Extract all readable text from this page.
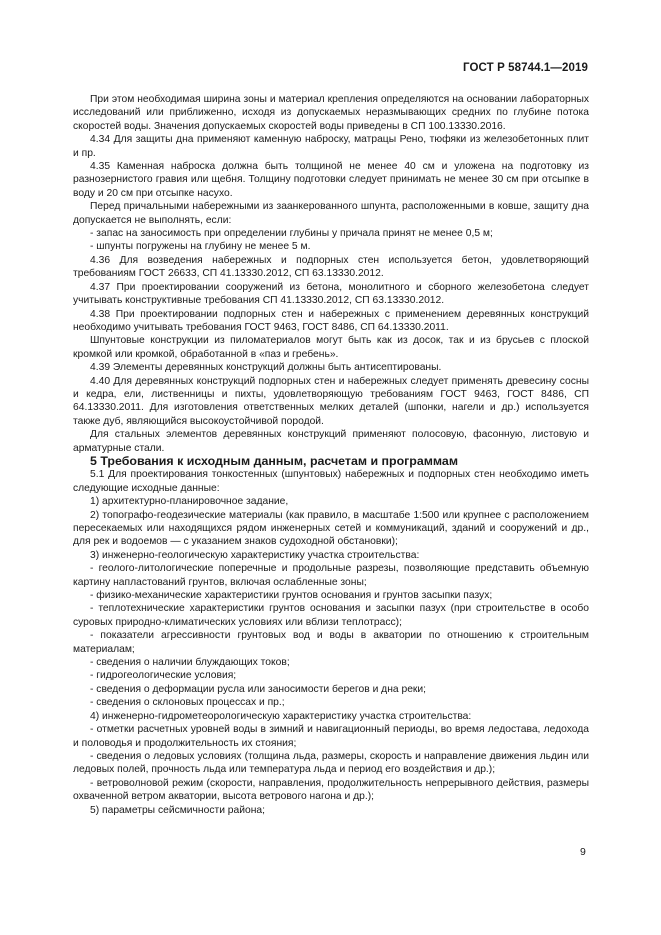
ГОСТ Р 58744.1—2019

При этом необходимая ширина зоны и материал крепления определяются на основании лабораторных исследований или приближенно, исходя из допускаемых неразмывающих средних по глубине потока скоростей воды. Значения допускаемых скоростей воды приведены в СП 100.13330.2016.

4.34 Для защиты дна применяют каменную наброску, матрацы Рено, тюфяки из железобетонных плит и пр.

4.35 Каменная наброска должна быть толщиной не менее 40 см и уложена на подготовку из разнозернистого гравия или щебня. Толщину подготовки следует принимать не менее 30 см при отсыпке в воду и 20 см при отсыпке насухо.

Перед причальными набережными из заанкерованного шпунта, расположенными в ковше, защиту дна допускается не выполнять, если:

- запас на заносимость при определении глубины у причала принят не менее 0,5 м;

- шпунты погружены на глубину не менее 5 м.

4.36 Для возведения набережных и подпорных стен используется бетон, удовлетворяющий требованиям ГОСТ 26633, СП 41.13330.2012, СП 63.13330.2012.

4.37 При проектировании сооружений из бетона, монолитного и сборного железобетона следует учитывать конструктивные требования СП 41.13330.2012, СП 63.13330.2012.

4.38 При проектировании подпорных стен и набережных с применением деревянных конструкций необходимо учитывать требования ГОСТ 9463, ГОСТ 8486, СП 64.13330.2011.

Шпунтовые конструкции из пиломатериалов могут быть как из досок, так и из брусьев с плоской кромкой или кромкой, обработанной в «паз и гребень».

4.39 Элементы деревянных конструкций должны быть антисептированы.

4.40 Для деревянных конструкций подпорных стен и набережных следует применять древесину сосны и кедра, ели, лиственницы и пихты, удовлетворяющую требованиям ГОСТ 9463, ГОСТ 8486, СП 64.13330.2011. Для изготовления ответственных мелких деталей (шпонки, нагели и др.) используется также дуб, являющийся высокоустойчивой породой.

Для стальных элементов деревянных конструкций применяют полосовую, фасонную, листовую и арматурные стали.

5 Требования к исходным данным, расчетам и программам

5.1 Для проектирования тонкостенных (шпунтовых) набережных и подпорных стен необходимо иметь следующие исходные данные:

1) архитектурно-планировочное задание,

2) топографо-геодезические материалы (как правило, в масштабе 1:500 или крупнее с расположением пересекаемых или находящихся рядом инженерных сетей и коммуникаций, зданий и сооружений и др., для рек и водоемов — с указанием знаков судоходной обстановки);

3) инженерно-геологическую характеристику участка строительства:

- геолого-литологические поперечные и продольные разрезы, позволяющие представить объемную картину напластований грунтов, включая ослабленные зоны;

- физико-механические характеристики грунтов основания и грунтов засыпки пазух;

- теплотехнические характеристики грунтов основания и засыпки пазух (при строительстве в особо суровых природно-климатических условиях или вблизи теплотрасс);

- показатели агрессивности грунтовых вод и воды в акватории по отношению к строительным материалам;

- сведения о наличии блуждающих токов;

- гидрогеологические условия;

- сведения о деформации русла или заносимости берегов и дна реки;

- сведения о склоновых процессах и пр.;

4) инженерно-гидрометеорологическую характеристику участка строительства:

- отметки расчетных уровней воды в зимний и навигационный периоды, во время ледостава, ледохода и половодья и продолжительность их стояния;

- сведения о ледовых условиях (толщина льда, размеры, скорость и направление движения льдин или ледовых полей, прочность льда или температура льда и период его воздействия и др.);

- ветроволновой режим (скорости, направления, продолжительность непрерывного действия, размеры охваченной ветром акватории, высота ветрового нагона и др.);

5) параметры сейсмичности района;

9
